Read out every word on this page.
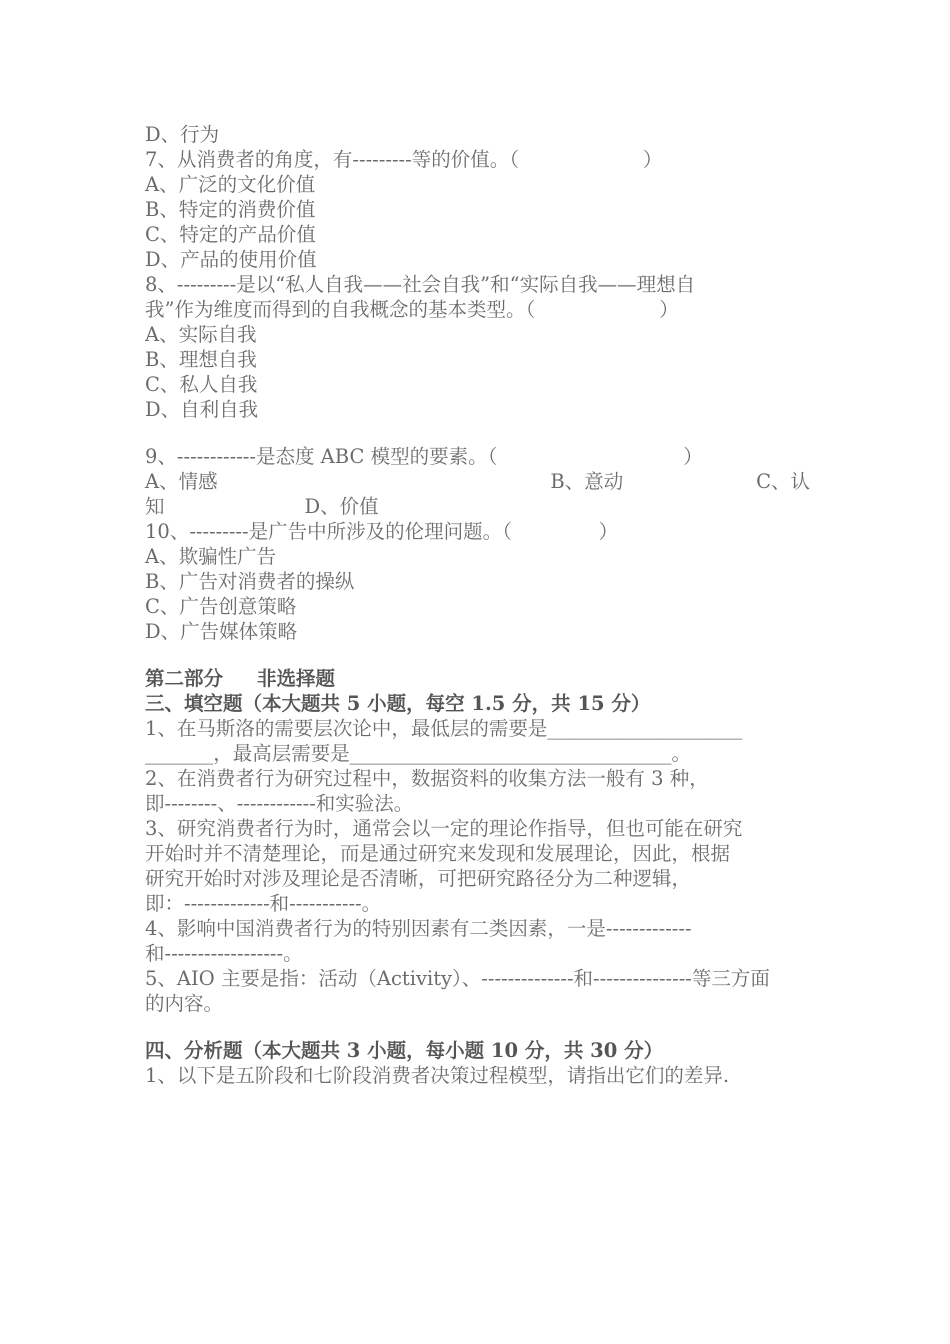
D、行为
7、从消费者的角度，有---------等的价值。（                    ）
A、广泛的文化价值
B、特定的消费价值
C、特定的产品价值
D、产品的使用价值
8、---------是以“私人自我——社会自我”和“实际自我——理想自
我”作为维度而得到的自我概念的基本类型。（                    ）
A、实际自我
B、理想自我
C、私人自我
D、自利自我
9、------------是态度 ABC 模型的要素。（                              ）
A、情感	B、意动	C、认
知	D、价值
10、---------是广告中所涉及的伦理问题。（              ）
A、欺骗性广告
B、广告对消费者的操纵
C、广告创意策略
D、广告媒体策略
第二部分     非选择题
三、填空题（本大题共 5 小题，每空 1.5 分，共 15 分）
1、在马斯洛的需要层次论中，最低层的需要是____________________
_______，最高层需要是_________________________________。
2、在消费者行为研究过程中，数据资料的收集方法一般有 3 种，
即--------、------------和实验法。
3、研究消费者行为时，通常会以一定的理论作指导，但也可能在研究
开始时并不清楚理论，而是通过研究来发现和发展理论，因此，根据
研究开始时对涉及理论是否清晰，可把研究路径分为二种逻辑，
即：-------------和-----------。
4、影响中国消费者行为的特别因素有二类因素，一是-------------
和------------------。
5、AIO 主要是指：活动（Activity）、--------------和---------------等三方面
的内容。
四、分析题（本大题共 3 小题，每小题 10 分，共 30 分）
1、以下是五阶段和七阶段消费者决策过程模型，请指出它们的差异.
